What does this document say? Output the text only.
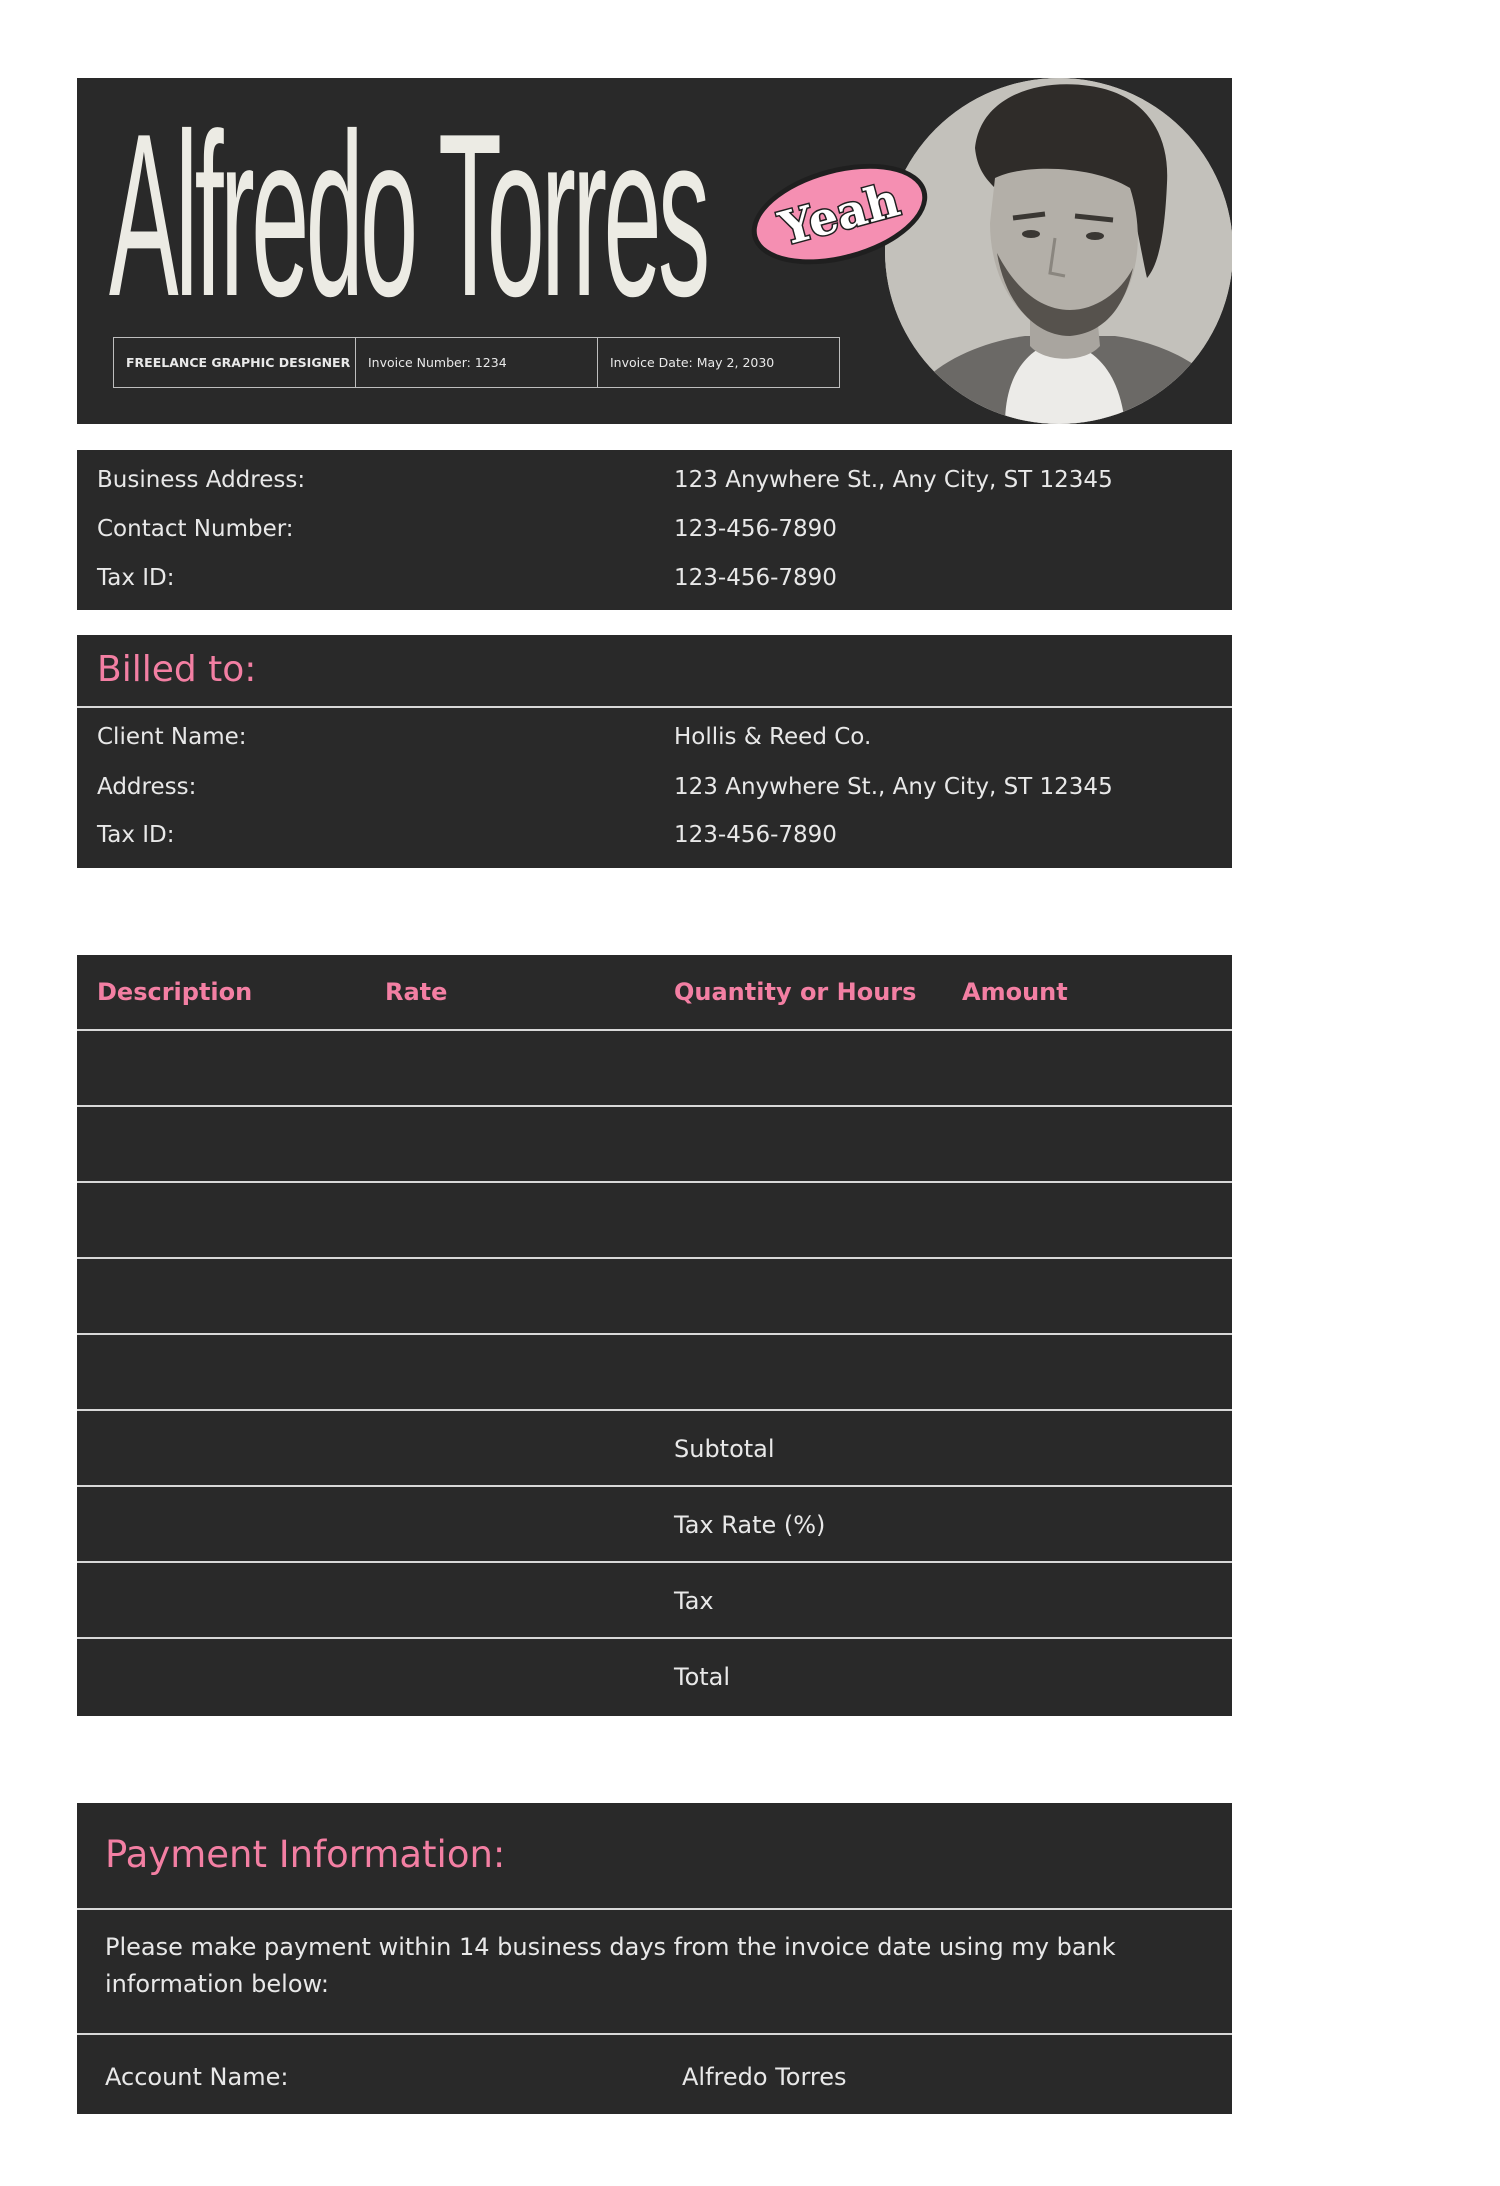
Alfredo Torres
FREELANCE GRAPHIC DESIGNER	Invoice Number: 1234	Invoice Date: May 2, 2030
Yeah
Business Address:	123 Anywhere St., Any City, ST 12345
Contact Number:	123-456-7890
Tax ID:	123-456-7890
Billed to:
Client Name:	Hollis & Reed Co.
Address:	123 Anywhere St., Any City, ST 12345
Tax ID:	123-456-7890
Description	Rate	Quantity or Hours Amount
Subtotal
Tax Rate (%)
Tax
Total
Payment Information:
Please make payment within 14 business days from the invoice date using my bank information below:
Account Name:	Alfredo Torres
